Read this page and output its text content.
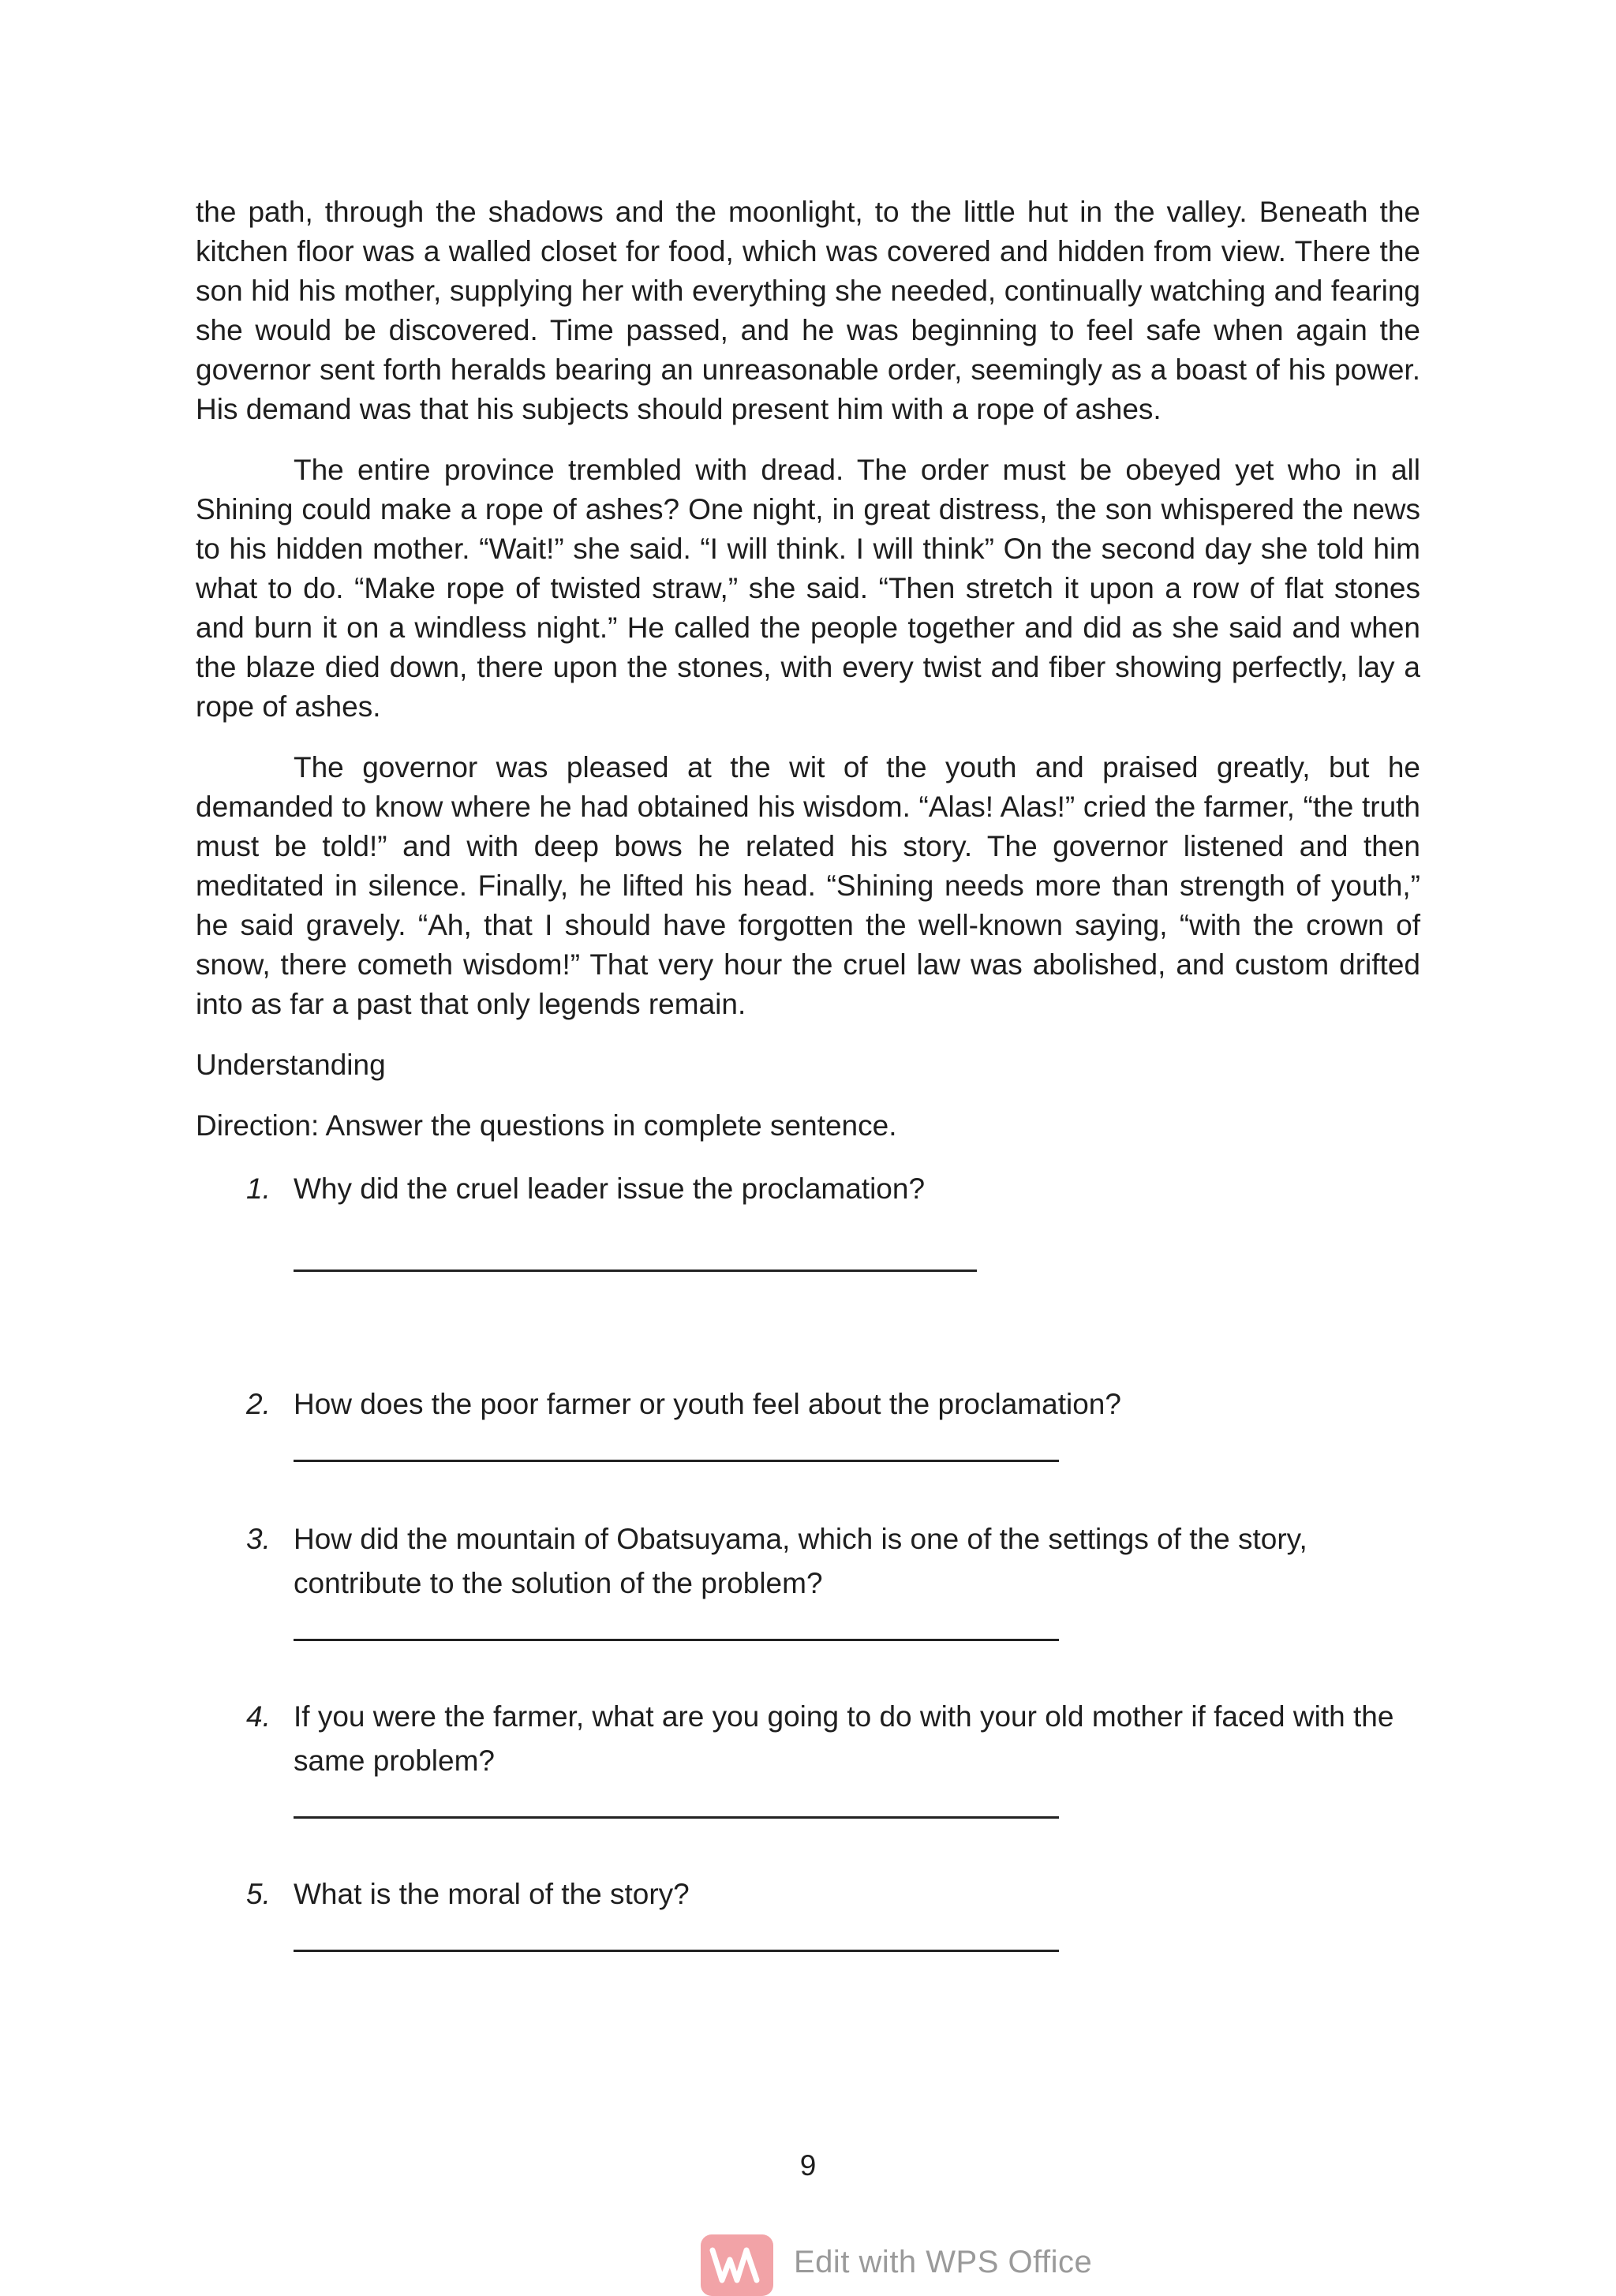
the path, through the shadows and the moonlight, to the little hut in the valley. Beneath the kitchen floor was a walled closet for food, which was covered and hidden from view. There the son hid his mother, supplying her with everything she needed, continually watching and fearing she would be discovered. Time passed, and he was beginning to feel safe when again the governor sent forth heralds bearing an unreasonable order, seemingly as a boast of his power. His demand was that his subjects should present him with a rope of ashes.

The entire province trembled with dread. The order must be obeyed yet who in all Shining could make a rope of ashes? One night, in great distress, the son whispered the news to his hidden mother. “Wait!” she said. “I will think. I will think” On the second day she told him what to do. “Make rope of twisted straw,” she said. “Then stretch it upon a row of flat stones and burn it on a windless night.” He called the people together and did as she said and when the blaze died down, there upon the stones, with every twist and fiber showing perfectly, lay a rope of ashes.

The governor was pleased at the wit of the youth and praised greatly, but he demanded to know where he had obtained his wisdom. “Alas! Alas!” cried the farmer, “the truth must be told!” and with deep bows he related his story. The governor listened and then meditated in silence. Finally, he lifted his head. “Shining needs more than strength of youth,” he said gravely. “Ah, that I should have forgotten the well-known saying, “with the crown of snow, there cometh wisdom!” That very hour the cruel law was abolished, and custom drifted into as far a past that only legends remain.

Understanding
Direction: Answer the questions in complete sentence.
1. Why did the cruel leader issue the proclamation?
2. How does the poor farmer or youth feel about the proclamation?
3. How did the mountain of Obatsuyama, which is one of the settings of the story, contribute to the solution of the problem?
4. If you were the farmer, what are you going to do with your old mother if faced with the same problem?
5. What is the moral of the story?
9
Edit with WPS Office
